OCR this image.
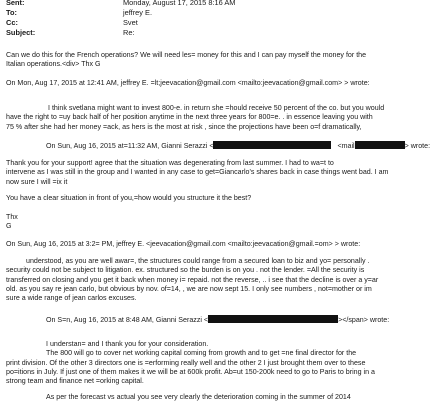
Sent:	Monday, August 17, 2015 8:16 AM
To:	jeffrey E.
Cc:	Svet
Subject:	Re:
Can we do this for the French operations? We will need les= money for this and I can pay myself the money for the
Italian operations.<div> Thx G
On Mon, Aug 17, 2015 at 12:41 AM, jeffrey E. =lt;jeevacation@gmail.com <mailto:jeevacation@gmail.com> > wrote:
I think svetlana might want to invest 800-e. in return she =hould receive 50 percent of the co. but you would
have the right to =uy back half of her position anytime in the next three years for 800=e. . in essence leaving you with
75 % after she had her money =ack, as hers is the most at risk , since the projections have been o=f dramatically,
On Sun, Aug 16, 2015 at=11:32 AM, Gianni Serazzi <	<mail	> wrote:
Thank you for your support! agree that the situation was degenerating from last summer. I had to wa=t to
intervene as I was still in the group and I wanted in any case to get=Giancarlo's shares back in case things went bad. I am
now sure I will =ix it
You have a clear situation in front of you,=how would you structure it the best?
Thx
G
On Sun, Aug 16, 2015 at 3:2= PM, jeffrey E. <jeevacation@gmail.com <mailto:jeevacation@gmail.=om> > wrote:
understood, as you are well awar=, the structures could range from a secured loan to biz and yo= personally .
security could not be subject to litigation. ex. structured so the burden is on you . not the lender. =All the security is
transferred on closing and you get it back when money i= repaid. not the reverse, .. i see that the decline is over a y=ar
old. as you say re jean carlo, but obvious by nov. of=14, , we are now sept 15. I only see numbers , not=mother or im
sure a wide range of jean carlos excuses.
On S=n, Aug 16, 2015 at 8:48 AM, Gianni Serazzi <	></span> wrote:
I understan= and I thank you for your consideration.
The 800 will go to cover net working capital coming from growth and to get =ne final director for the
print division. Of the other 3 directors one is =erforming really well and the other 2 I just brought them over to these
po=itions in July. If just one of them makes it we will be at 600k profit. Ab=ut 150-200k need to go to Paris to bring in a
strong team and finance net =orking capital.
As per the forecast vs actual you see very clearly the deterioration coming in the summer of 2014
